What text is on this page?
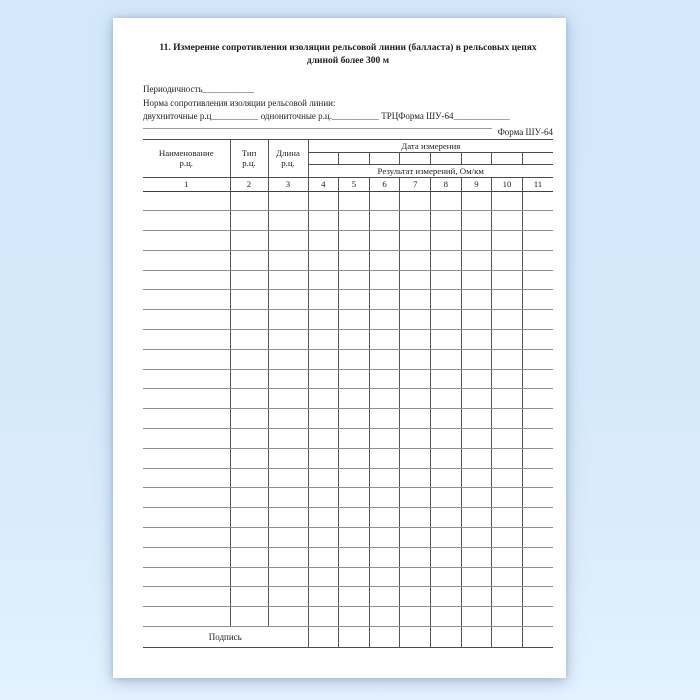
11. Измерение сопротивления изоляции рельсовой линии (балласта) в рельсовых цепях
длиной более 300 м
Периодичность___________
Норма сопротивления изоляции рельсовой линии:
двухниточные р.ц__________ однониточные р.ц.__________ ТРЦФорма ШУ-64____________
Форма ШУ-64
Наименование р.ц.	Тип р.ц.	Длина р.ц.	Дата измерения							

			Результат измерений, Ом/км							
1	2	3	4	5	6	7	8	9	10	11

Подпись										
